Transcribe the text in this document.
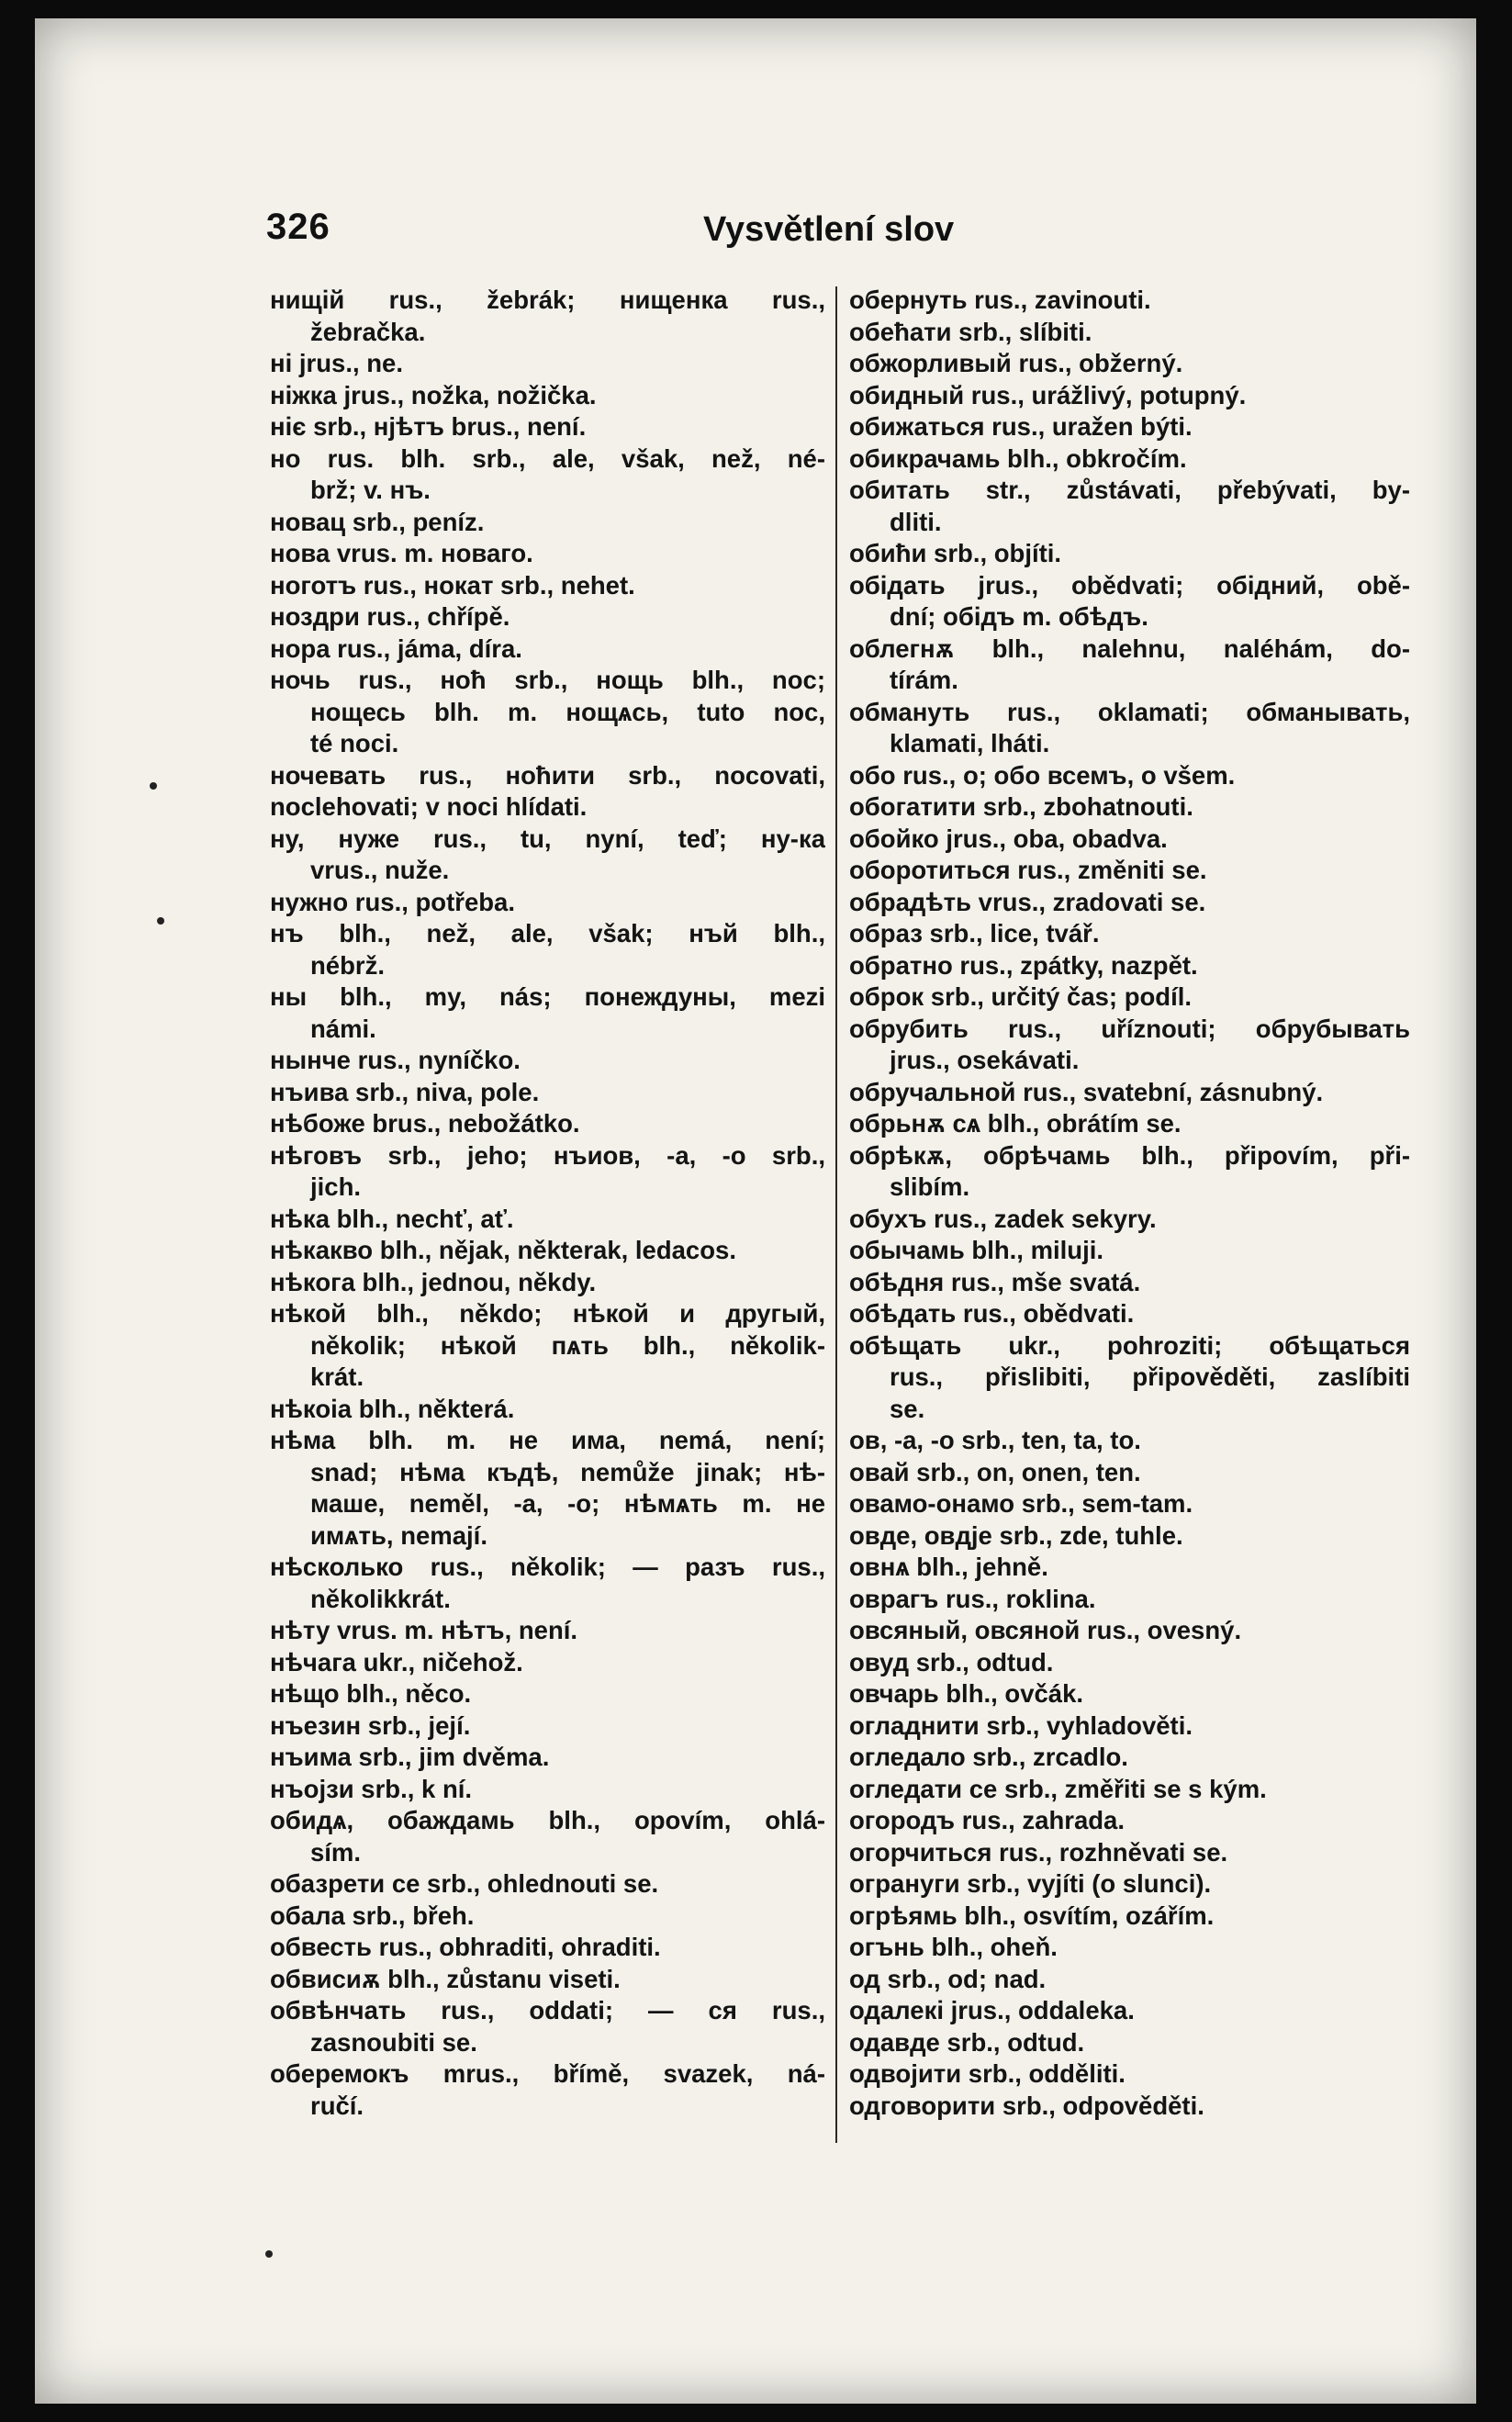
326	Vysvětlení slov
нищій rus., žebrák; нищенка rus.,
žebračka.
ні jrus., ne.
ніжка jrus., nožka, nožička.
ніє srb., нјѣтъ brus., není.
но rus. blh. srb., ale, však, než, né-
brž; v. нъ.
новац srb., peníz.
нова vrus. m. новаго.
ноготъ rus., нокат srb., nehet.
ноздри rus., chřípě.
нора rus., jáma, díra.
ночь rus., ноћ srb., нощь blh., noc;
нощесь blh. m. нощѧсь, tuto noc,
té noci.
ночевать rus., ноћити srb., nocovati,
noclehovati; v noci hlídati.
ну, нуже rus., tu, nyní, teď; ну-ка
vrus., nuže.
нужно rus., potřeba.
нъ blh., než, ale, však; нъй blh.,
nébrž.
ны blh., my, nás; понеждуны, mezi
námi.
нынче rus., nyníčko.
нъива srb., niva, pole.
нѣбоже brus., nebožátko.
нѣговъ srb., jeho; нъиов, -a, -o srb.,
jich.
нѣка blh., nechť, ať.
нѣкакво blh., nějak, některak, ledacos.
нѣкога blh., jednou, někdy.
нѣкой blh., někdo; нѣкой и другый,
několik; нѣкой пѧть blh., několik-
krát.
нѣкоіа blh., některá.
нѣма blh. m. не има, nemá, není;
snad; нѣма къдѣ, nemůže jinak; нѣ-
маше, neměl, -a, -o; нѣмѧть m. не
имѧть, nemají.
нѣсколько rus., několik; — разъ rus.,
několikkrát.
нѣту vrus. m. нѣтъ, není.
нѣчага ukr., ničehož.
нѣщо blh., něco.
нъезин srb., její.
нъима srb., jim dvěma.
нъојзи srb., k ní.
обидѧ, обаждамь blh., opovím, ohlá-
sím.
обазрети се srb., ohlednouti se.
обала srb., břeh.
обвесть rus., obhraditi, ohraditi.
обвисиѫ blh., zůstanu viseti.
обвѣнчать rus., oddati; — ся rus.,
zasnoubiti se.
оберемокъ mrus., břímě, svazek, ná-
ručí.
обернуть rus., zavinouti.
обећати srb., slíbiti.
обжорливый rus., obžerný.
обидный rus., urážlivý, potupný.
обижаться rus., uražen býti.
обикрачамь blh., obkročím.
обитать str., zůstávati, přebývati, by-
dliti.
обићи srb., objíti.
обідать jrus., obědvati; обідний, obě-
dní; обідъ m. обѣдъ.
облегнѫ blh., nalehnu, naléhám, do-
tírám.
обмануть rus., oklamati; обманывать,
klamati, lháti.
обо rus., o; обо всемъ, o všem.
обогатити srb., zbohatnouti.
обойко jrus., oba, obadva.
оборотиться rus., změniti se.
обрадѣть vrus., zradovati se.
образ srb., lice, tvář.
обратно rus., zpátky, nazpět.
оброк srb., určitý čas; podíl.
обрубить rus., uříznouti; обрубывать
jrus., osekávati.
обручальной rus., svatební, zásnubný.
обрьнѫ сѧ blh., obrátím se.
обрѣкѫ, обрѣчамь blh., připovím, při-
slibím.
обухъ rus., zadek sekyry.
обычамь blh., miluji.
обѣдня rus., mše svatá.
обѣдать rus., obědvati.
обѣщать ukr., pohroziti; обѣщаться
rus., přislibiti, připověděti, zaslíbiti
se.
ов, -a, -o srb., ten, ta, to.
овай srb., on, onen, ten.
овамо-онамо srb., sem-tam.
овде, овдје srb., zde, tuhle.
овнѧ blh., jehně.
оврагъ rus., roklina.
овсяный, овсяной rus., ovesný.
овуд srb., odtud.
овчарь blh., ovčák.
огладнити srb., vyhladověti.
огледало srb., zrcadlo.
огледати се srb., změřiti se s kým.
огородъ rus., zahrada.
огорчиться rus., rozhněvati se.
огрануги srb., vyjíti (o slunci).
огрѣямь blh., osvítím, ozářím.
огънь blh., oheň.
од srb., od; nad.
одалекі jrus., oddaleka.
одавде srb., odtud.
одвојити srb., odděliti.
одговорити srb., odpověděti.
